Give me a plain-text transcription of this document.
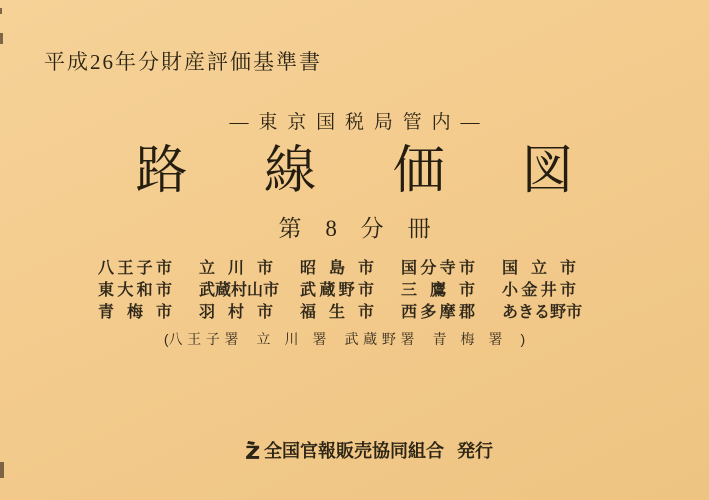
平成26年分財産評価基準書
― 東 京 国 税 局 管 内 ―
路 線 価 図
第 8 分 冊
八 王 子 市 立 川 市 昭 島 市 国 分 寺 市 国 立 市
東 大 和 市 武 蔵 村 山 市 武 蔵 野 市 三 鷹 市 小 金 井 市
青 梅 市 羽 村 市 福 生 市 西 多 摩 郡 あ き る 野 市
( 八 王 子 署 立 川 署 武 蔵 野 署 青 梅 署 )
全国官報販売協同組合 発行
